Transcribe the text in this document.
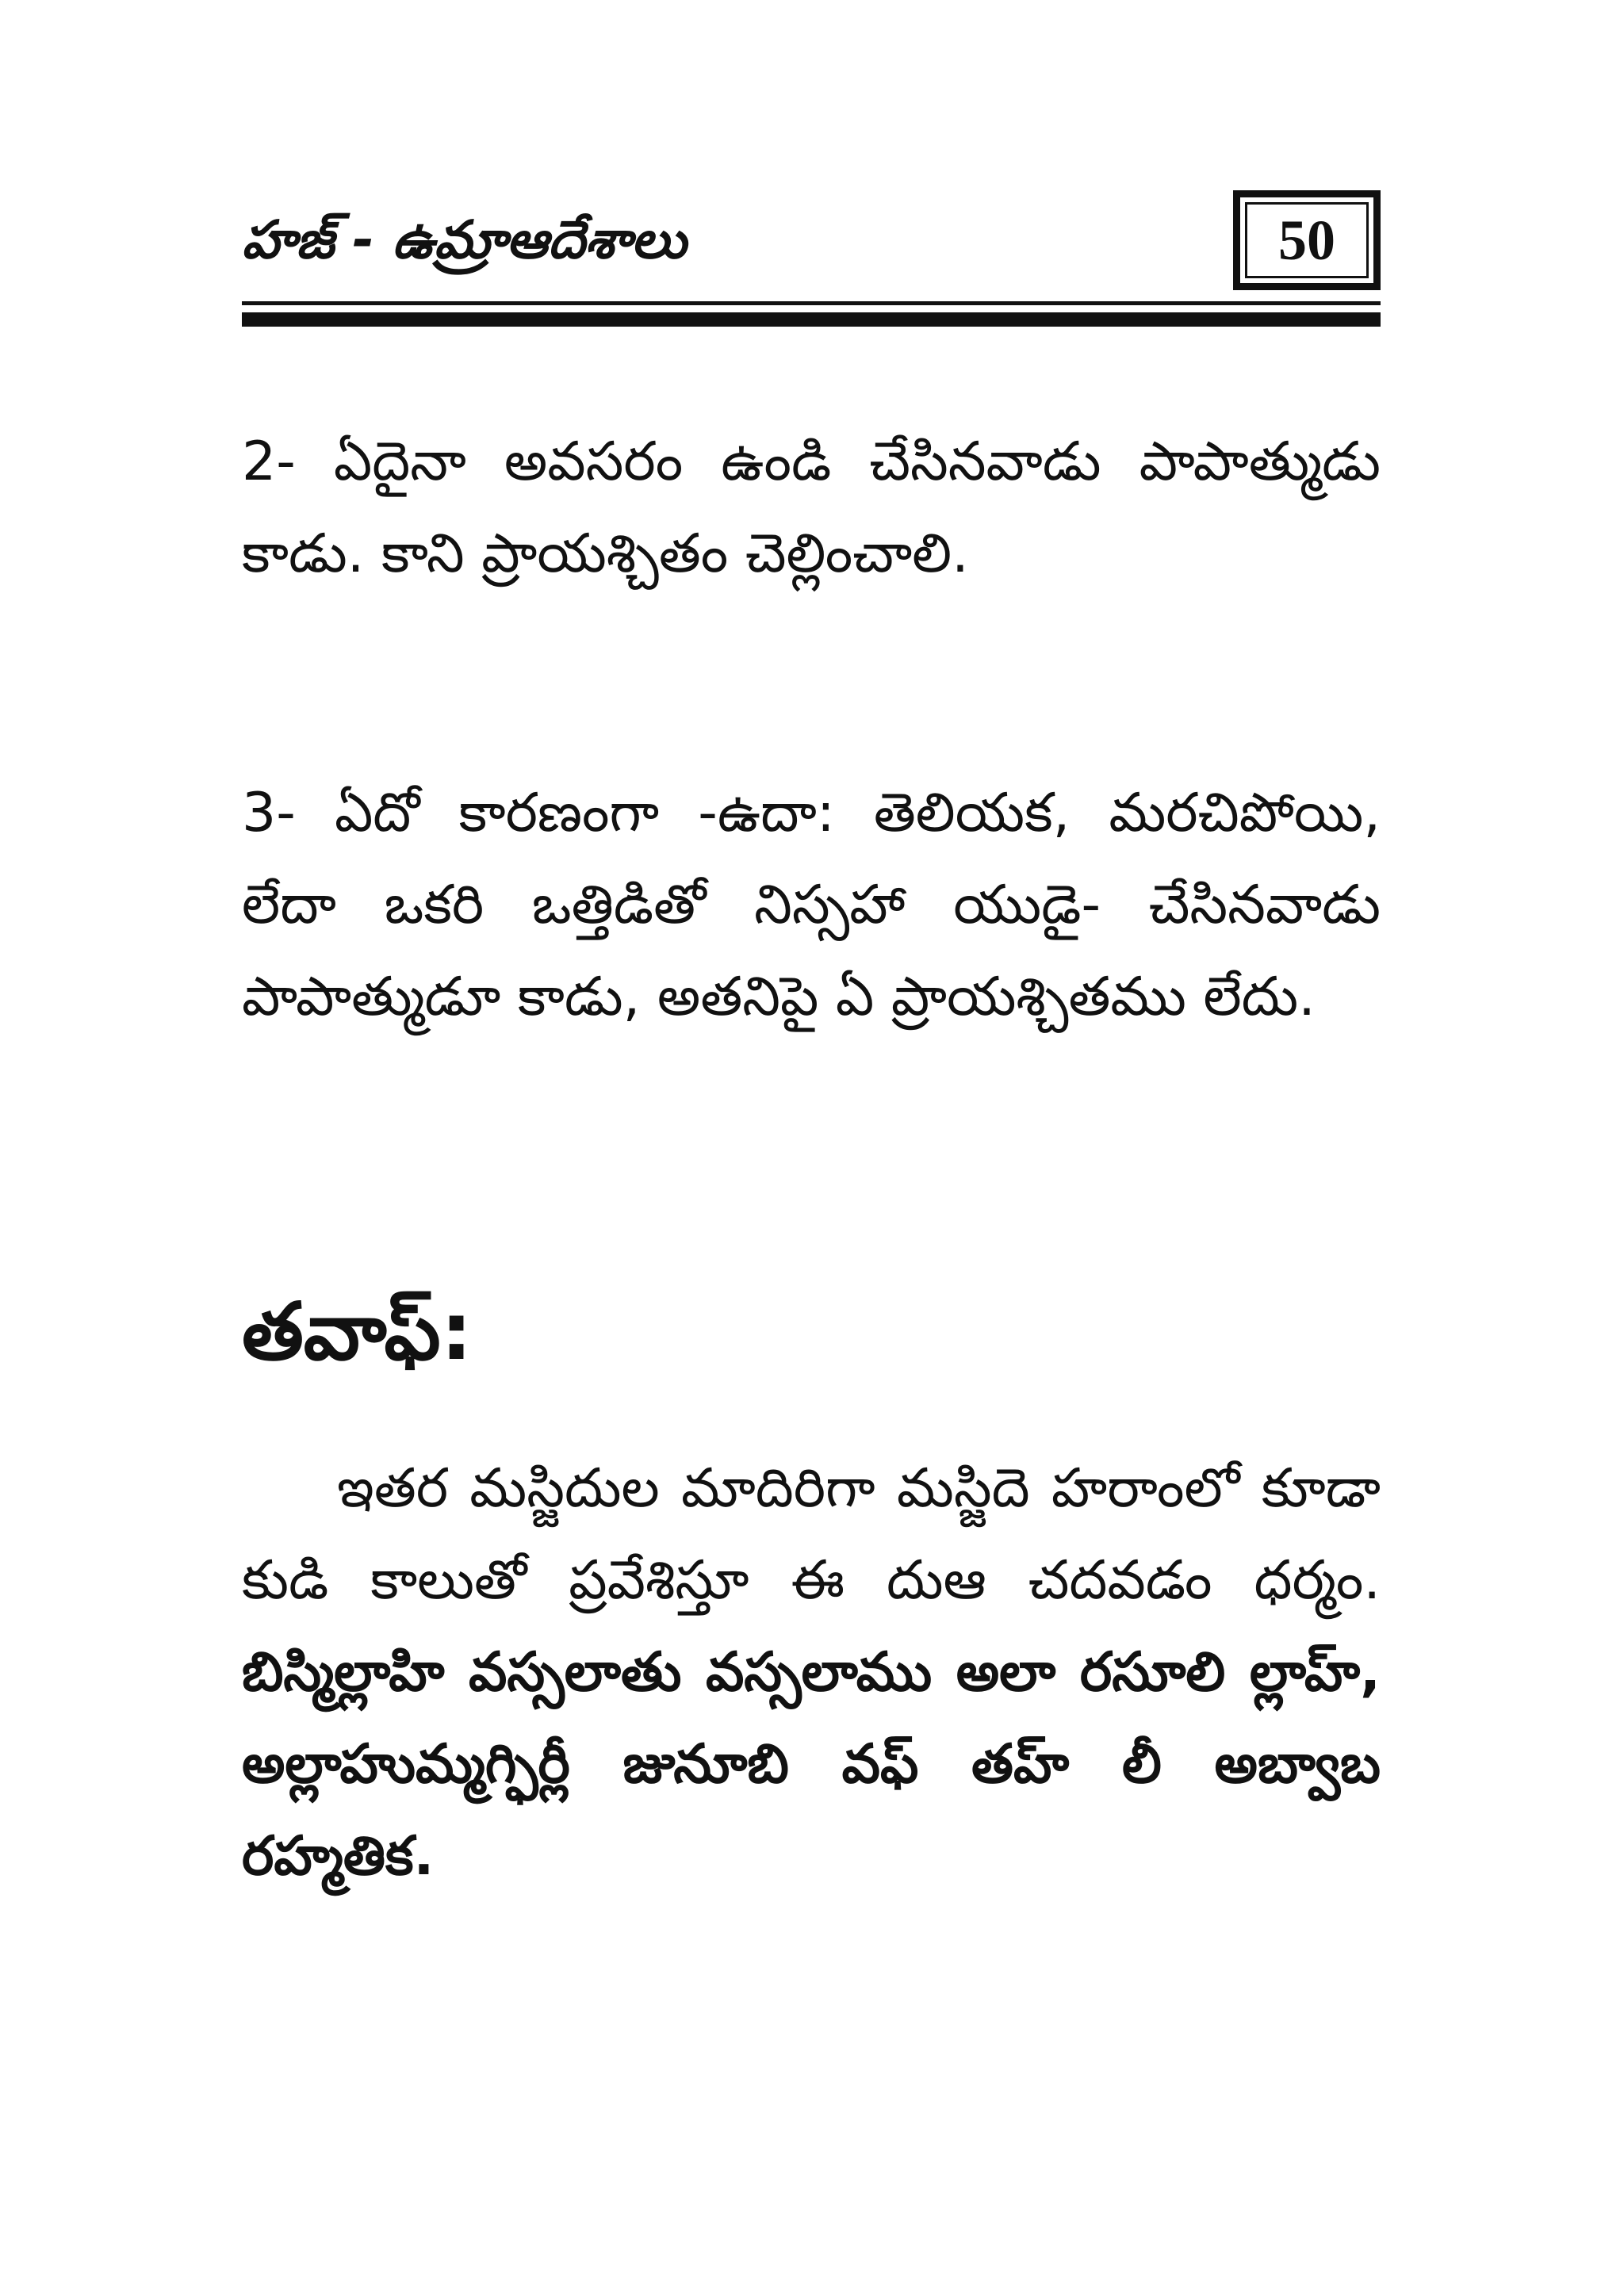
హజ్ - ఉమ్రాఆదేశాలు	50

2- ఏదైనా అవసరం ఉండి చేసినవాడు పాపాత్ముడు కాడు. కాని ప్రాయశ్చితం చెల్లించాలి.

3- ఏదో కారణంగా -ఉదా: తెలియక, మరచిపోయి, లేదా ఒకరి ఒత్తిడితో నిస్సహా యుడై- చేసినవాడు పాపాత్ముడూ కాడు, అతనిపై ఏ ప్రాయశ్చితము లేదు.

తవాఫ్:

ఇతర మస్జిదుల మాదిరిగా మస్జిదె హరాంలో కూడా కుడి కాలుతో ప్రవేశిస్తూ ఈ దుఆ చదవడం ధర్మం. బిస్మిల్లాహి వస్సలాతు వస్సలాము అలా రసూలి ల్లాహ్, అల్లాహుమ్మగ్ఫిర్లీ జునూబి వఫ్ తహ్ లీ అబ్వాబ రహ్మతిక.
